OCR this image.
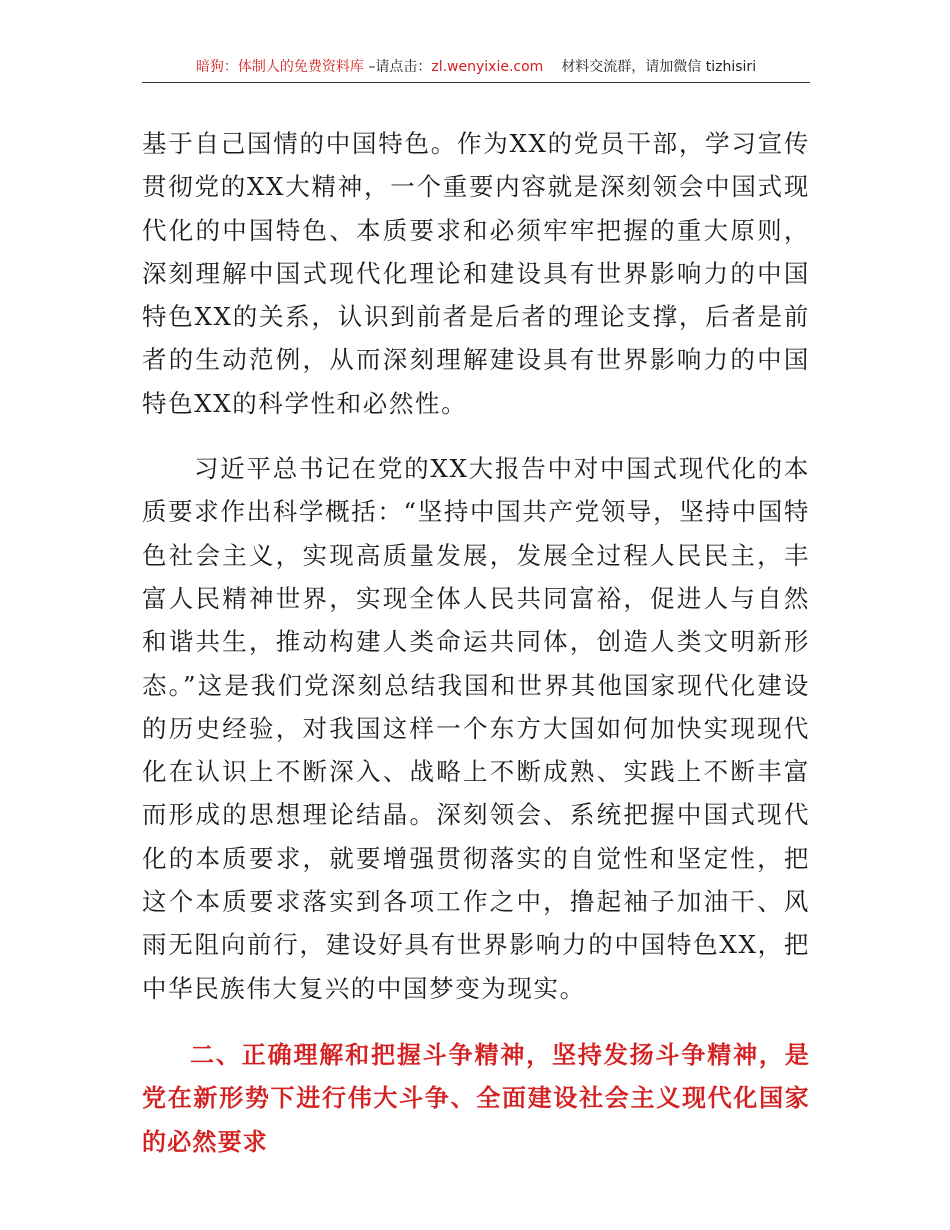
暗狗：体制人的免费资料库 –请点击：zl.wenyixie.com 材料交流群，请加微信 tizhisiri

基于自己国情的中国特色。作为XX的党员干部，学习宣传贯彻党的XX大精神，一个重要内容就是深刻领会中国式现代化的中国特色、本质要求和必须牢牢把握的重大原则，深刻理解中国式现代化理论和建设具有世界影响力的中国特色XX的关系，认识到前者是后者的理论支撑，后者是前者的生动范例，从而深刻理解建设具有世界影响力的中国特色XX的科学性和必然性。

习近平总书记在党的XX大报告中对中国式现代化的本质要求作出科学概括：“坚持中国共产党领导，坚持中国特色社会主义，实现高质量发展，发展全过程人民民主，丰富人民精神世界，实现全体人民共同富裕，促进人与自然和谐共生，推动构建人类命运共同体，创造人类文明新形态。”这是我们党深刻总结我国和世界其他国家现代化建设的历史经验，对我国这样一个东方大国如何加快实现现代化在认识上不断深入、战略上不断成熟、实践上不断丰富而形成的思想理论结晶。深刻领会、系统把握中国式现代化的本质要求，就要增强贯彻落实的自觉性和坚定性，把这个本质要求落实到各项工作之中，撸起袖子加油干、风雨无阻向前行，建设好具有世界影响力的中国特色XX，把中华民族伟大复兴的中国梦变为现实。

二、正确理解和把握斗争精神，坚持发扬斗争精神，是党在新形势下进行伟大斗争、全面建设社会主义现代化国家的必然要求
